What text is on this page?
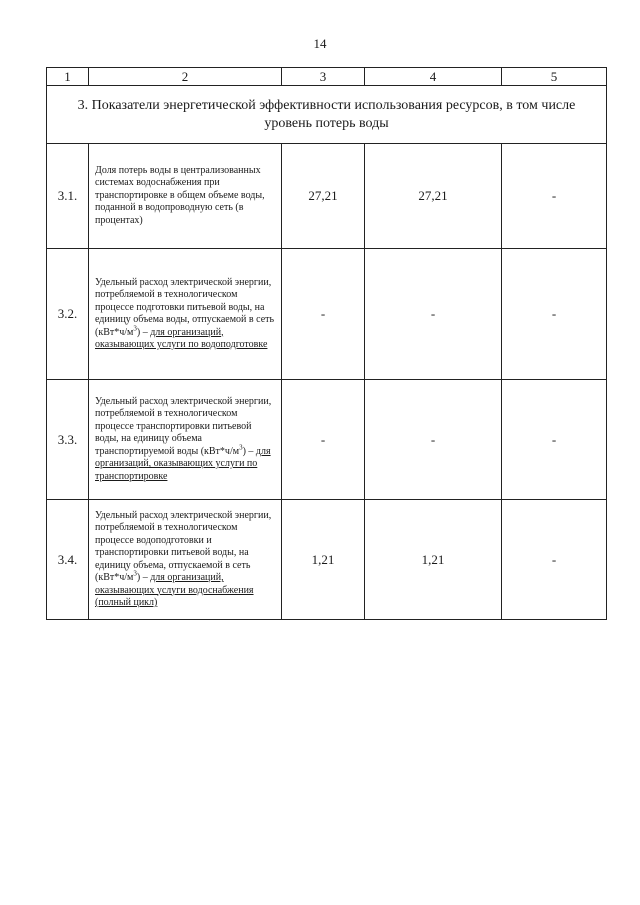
14
1	2	3	4	5
3. Показатели энергетической эффективности использования ресурсов, в том числе уровень потерь воды				
3.1.	Доля потерь воды в централизованных системах водоснабжения при транспортировке в общем объеме воды, поданной в водопроводную сеть (в процентах)	27,21	27,21	-
3.2.	Удельный расход электрической энергии, потребляемой в технологическом процессе подготовки питьевой воды, на единицу объема воды, отпускаемой в сеть $(кВт*ч/м^3)$ – для организаций, оказывающих услуги по водоподготовке	-	-	-
3.3.	Удельный расход электрической энергии, потребляемой в технологическом процессе транспортировки питьевой воды, на единицу объема транспортируемой воды $(кВт*ч/м^3)$ – для организаций, оказывающих услуги по транспортировке	-	-	-
3.4.	Удельный расход электрической энергии, потребляемой в технологическом процессе водоподготовки и транспортировки питьевой воды, на единицу объема, отпускаемой в сеть $(кВт*ч/м^3)$ – для организаций, оказывающих услуги водоснабжения (полный цикл)	1,21	1,21	-
